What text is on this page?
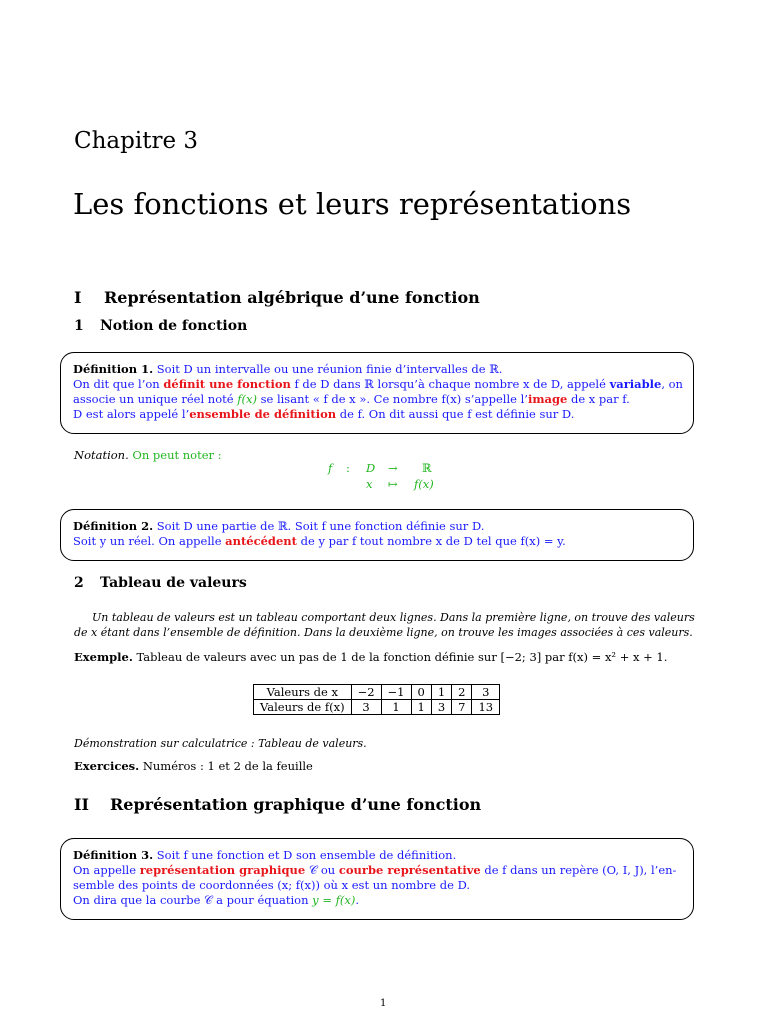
Chapitre 3
Les fonctions et leurs représentations
I Représentation algébrique d’une fonction
1 Notion de fonction
Définition 1. Soit D un intervalle ou une réunion finie d’intervalles de ℝ.
On dit que l’on définit une fonction f de D dans ℝ lorsqu’à chaque nombre x de D, appelé variable, on
associe un unique réel noté f(x) se lisant « f de x ». Ce nombre f(x) s’appelle l’image de x par f.
D est alors appelé l’ensemble de définition de f. On dit aussi que f est définie sur D.
Notation. On peut noter :
f : D → ℝ
x ↦ f(x)
Définition 2. Soit D une partie de ℝ. Soit f une fonction définie sur D.
Soit y un réel. On appelle antécédent de y par f tout nombre x de D tel que f(x) = y.
2 Tableau de valeurs
Un tableau de valeurs est un tableau comportant deux lignes. Dans la première ligne, on trouve des valeurs
de x étant dans l’ensemble de définition. Dans la deuxième ligne, on trouve les images associées à ces valeurs.
Exemple. Tableau de valeurs avec un pas de 1 de la fonction définie sur [−2; 3] par f(x) = x² + x + 1.
Valeurs de x	−2	−1	0	1	2	3
Valeurs de f(x)	3	1	1	3	7	13
Démonstration sur calculatrice : Tableau de valeurs.
Exercices. Numéros : 1 et 2 de la feuille
II Représentation graphique d’une fonction
Définition 3. Soit f une fonction et D son ensemble de définition.
On appelle représentation graphique 𝒞 ou courbe représentative de f dans un repère (O, I, J), l’en-
semble des points de coordonnées (x; f(x)) où x est un nombre de D.
On dira que la courbe 𝒞 a pour équation y = f(x).
1
